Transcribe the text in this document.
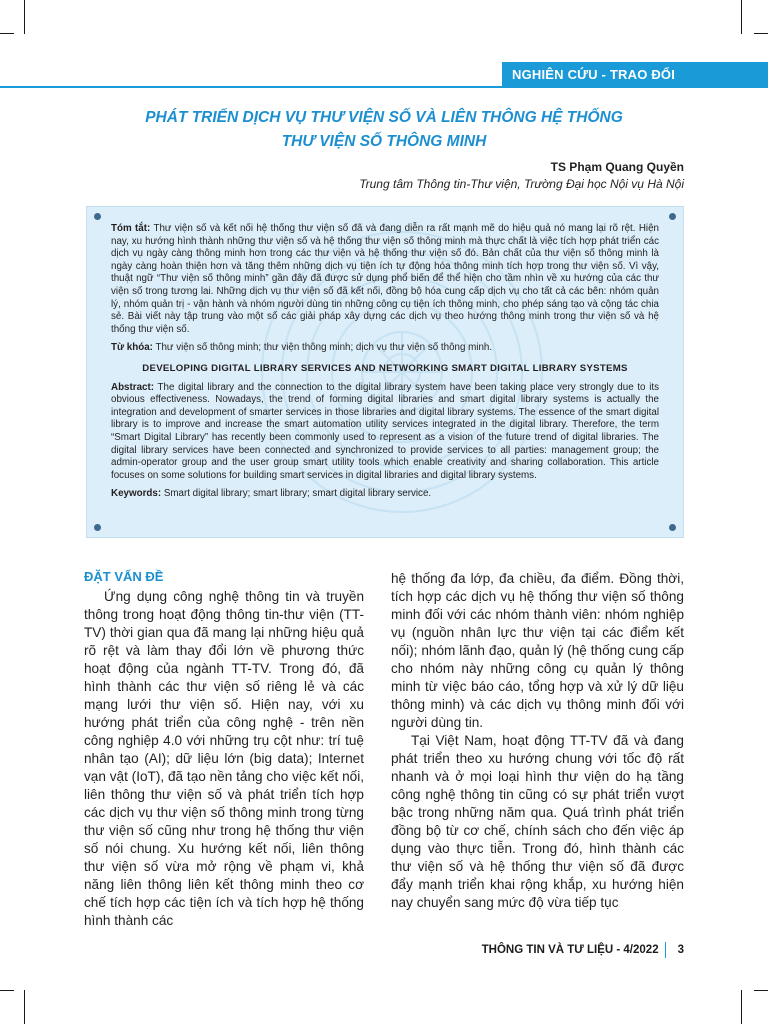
NGHIÊN CỨU - TRAO ĐỔI
PHÁT TRIỂN DỊCH VỤ THƯ VIỆN SỐ VÀ LIÊN THÔNG HỆ THỐNG
THƯ VIỆN SỐ THÔNG MINH
TS Phạm Quang Quyền
Trung tâm Thông tin-Thư viện, Trường Đại học Nội vụ Hà Nội

Tóm tắt: Thư viện số và kết nối hệ thống thư viện số đã và đang diễn ra rất mạnh mẽ do hiệu quả nó mang lại rõ rệt. Hiện nay, xu hướng hình thành những thư viện số và hệ thống thư viện số thông minh mà thực chất là việc tích hợp phát triển các dịch vụ ngày càng thông minh hơn trong các thư viện và hệ thống thư viện số đó. Bản chất của thư viện số thông minh là ngày càng hoàn thiện hơn và tăng thêm những dịch vụ tiện ích tự động hóa thông minh tích hợp trong thư viện số. Vì vậy, thuật ngữ “Thư viện số thông minh” gần đây đã được sử dụng phổ biến để thể hiện cho tầm nhìn về xu hướng của các thư viện số trong tương lai. Những dịch vụ thư viện số đã kết nối, đồng bộ hóa cung cấp dịch vụ cho tất cả các bên: nhóm quản lý, nhóm quản trị - vận hành và nhóm người dùng tin những công cụ tiện ích thông minh, cho phép sáng tạo và cộng tác chia sẻ. Bài viết này tập trung vào một số các giải pháp xây dựng các dịch vụ theo hướng thông minh trong thư viện số và hệ thống thư viện số.

Từ khóa: Thư viện số thông minh; thư viện thông minh; dịch vụ thư viện số thông minh.

DEVELOPING DIGITAL LIBRARY SERVICES AND NETWORKING SMART DIGITAL LIBRARY SYSTEMS

Abstract: The digital library and the connection to the digital library system have been taking place very strongly due to its obvious effectiveness. Nowadays, the trend of forming digital libraries and smart digital library systems is actually the integration and development of smarter services in those libraries and digital library systems. The essence of the smart digital library is to improve and increase the smart automation utility services integrated in the digital library. Therefore, the term “Smart Digital Library” has recently been commonly used to represent as a vision of the future trend of digital libraries. The digital library services have been connected and synchronized to provide services to all parties: management group; the admin-operator group and the user group smart utility tools which enable creativity and sharing collaboration. This article focuses on some solutions for building smart services in digital libraries and digital library systems.

Keywords: Smart digital library; smart library; smart digital library service.

ĐẶT VẤN ĐỀ

Ứng dụng công nghệ thông tin và truyền thông trong hoạt động thông tin-thư viện (TT-TV) thời gian qua đã mang lại những hiệu quả rõ rệt và làm thay đổi lớn về phương thức hoạt động của ngành TT-TV. Trong đó, đã hình thành các thư viện số riêng lẻ và các mạng lưới thư viện số. Hiện nay, với xu hướng phát triển của công nghệ - trên nền công nghiệp 4.0 với những trụ cột như: trí tuệ nhân tạo (AI); dữ liệu lớn (big data); Internet vạn vật (IoT), đã tạo nền tảng cho việc kết nối, liên thông thư viện số và phát triển tích hợp các dịch vụ thư viện số thông minh trong từng thư viện số cũng như trong hệ thống thư viện số nói chung. Xu hướng kết nối, liên thông thư viện số vừa mở rộng về phạm vi, khả năng liên thông liên kết thông minh theo cơ chế tích hợp các tiện ích và tích hợp hệ thống hình thành các

hệ thống đa lớp, đa chiều, đa điểm. Đồng thời, tích hợp các dịch vụ hệ thống thư viện số thông minh đối với các nhóm thành viên: nhóm nghiệp vụ (nguồn nhân lực thư viện tại các điểm kết nối); nhóm lãnh đạo, quản lý (hệ thống cung cấp cho nhóm này những công cụ quản lý thông minh từ việc báo cáo, tổng hợp và xử lý dữ liệu thông minh) và các dịch vụ thông minh đối với người dùng tin.

Tại Việt Nam, hoạt động TT-TV đã và đang phát triển theo xu hướng chung với tốc độ rất nhanh và ở mọi loại hình thư viện do hạ tầng công nghệ thông tin cũng có sự phát triển vượt bậc trong những năm qua. Quá trình phát triển đồng bộ từ cơ chế, chính sách cho đến việc áp dụng vào thực tiễn. Trong đó, hình thành các thư viện số và hệ thống thư viện số đã được đẩy mạnh triển khai rộng khắp, xu hướng hiện nay chuyển sang mức độ vừa tiếp tục

THÔNG TIN VÀ TƯ LIỆU - 4/2022 3
